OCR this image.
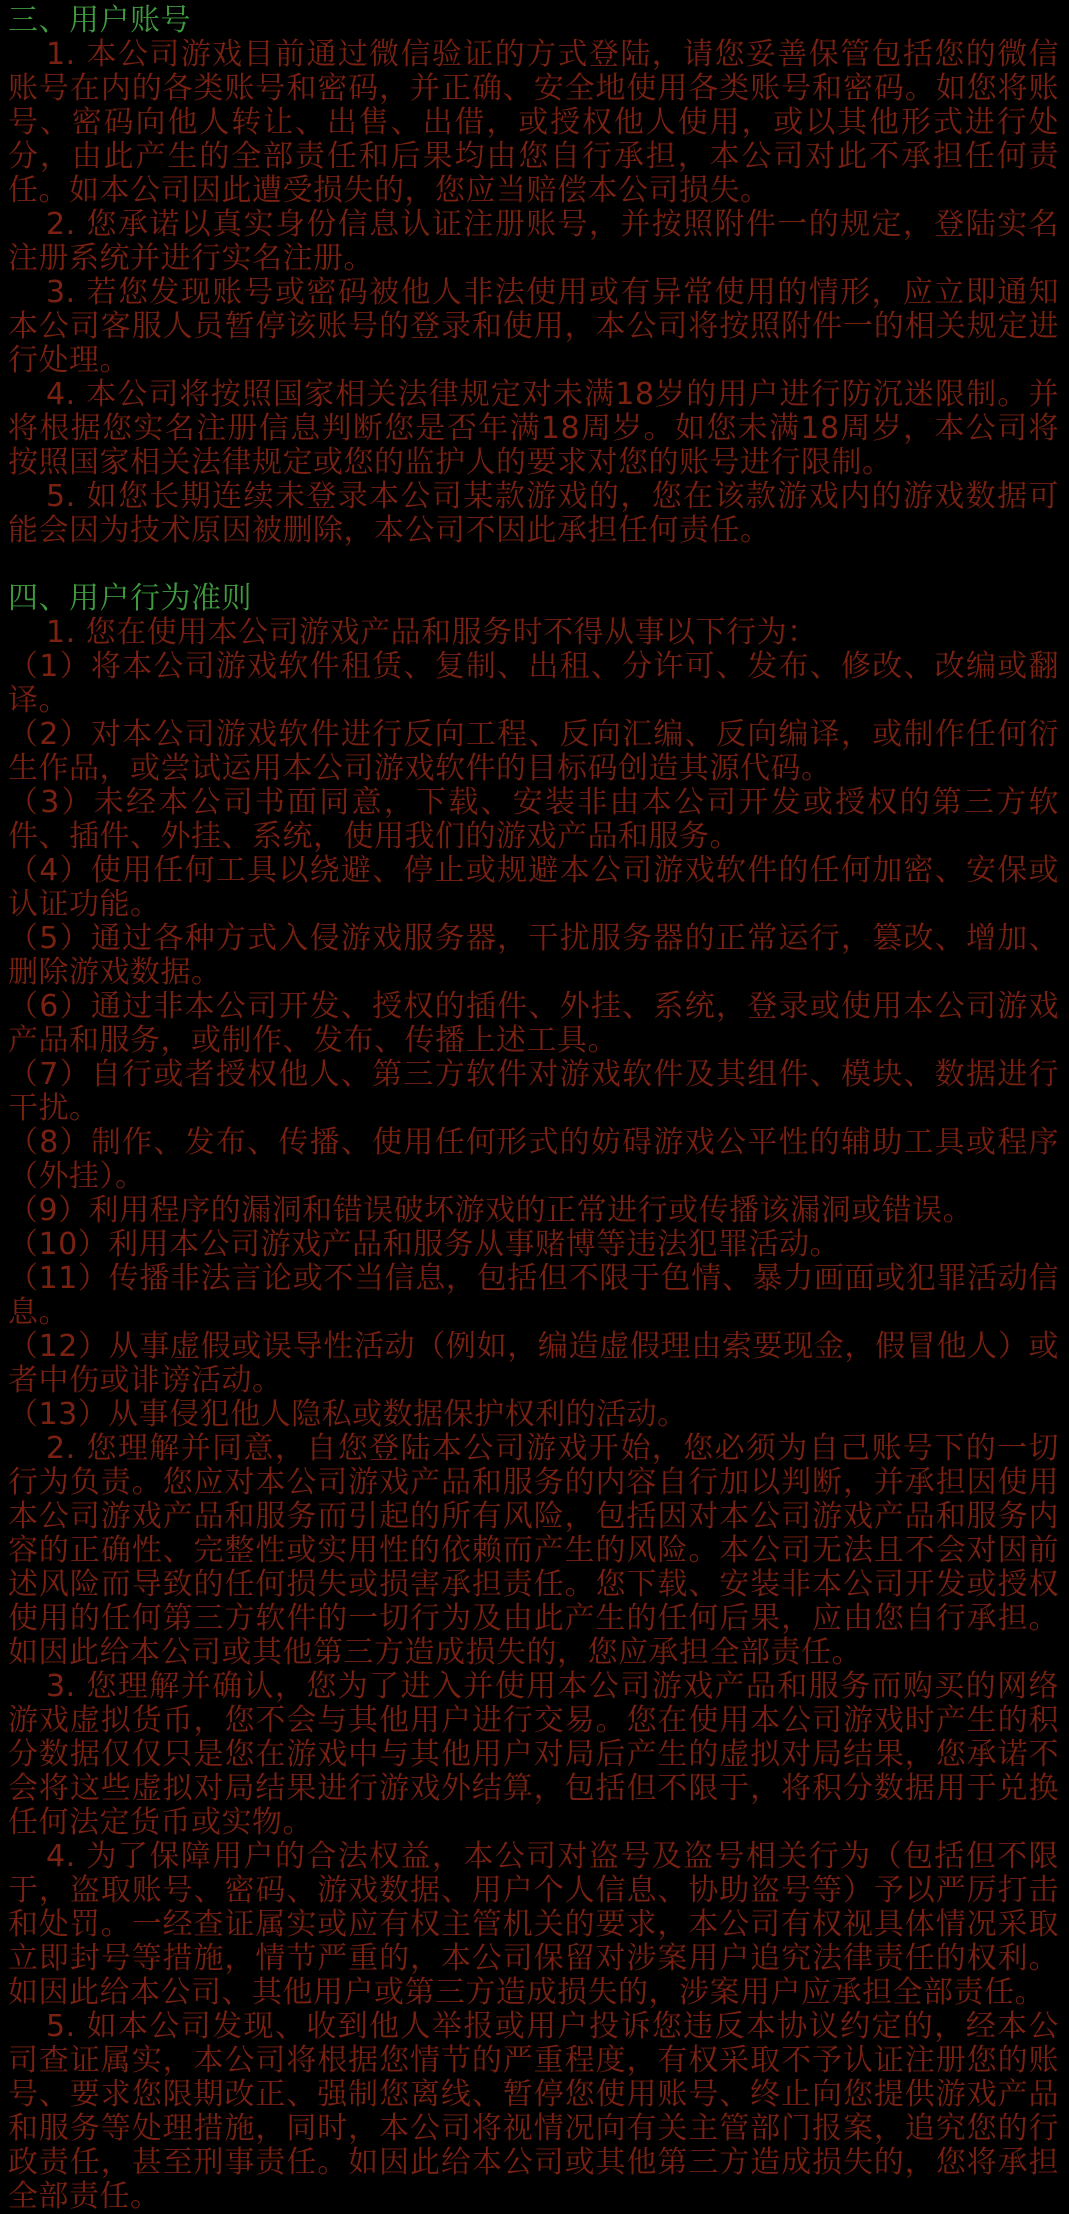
三、用户账号

1. 本公司游戏目前通过微信验证的方式登陆，请您妥善保管包括您的微信账号在内的各类账号和密码，并正确、安全地使用各类账号和密码。如您将账号、密码向他人转让、出售、出借，或授权他人使用，或以其他形式进行处分，由此产生的全部责任和后果均由您自行承担，本公司对此不承担任何责任。如本公司因此遭受损失的，您应当赔偿本公司损失。

2. 您承诺以真实身份信息认证注册账号，并按照附件一的规定，登陆实名注册系统并进行实名注册。

3. 若您发现账号或密码被他人非法使用或有异常使用的情形，应立即通知本公司客服人员暂停该账号的登录和使用，本公司将按照附件一的相关规定进行处理。

4. 本公司将按照国家相关法律规定对未满18岁的用户进行防沉迷限制。并将根据您实名注册信息判断您是否年满18周岁。如您未满18周岁，本公司将按照国家相关法律规定或您的监护人的要求对您的账号进行限制。

5. 如您长期连续未登录本公司某款游戏的，您在该款游戏内的游戏数据可能会因为技术原因被删除，本公司不因此承担任何责任。

四、用户行为准则

1. 您在使用本公司游戏产品和服务时不得从事以下行为：

（1）将本公司游戏软件租赁、复制、出租、分许可、发布、修改、改编或翻译。

（2）对本公司游戏软件进行反向工程、反向汇编、反向编译，或制作任何衍生作品，或尝试运用本公司游戏软件的目标码创造其源代码。

（3）未经本公司书面同意，下载、安装非由本公司开发或授权的第三方软件、插件、外挂、系统，使用我们的游戏产品和服务。

（4）使用任何工具以绕避、停止或规避本公司游戏软件的任何加密、安保或认证功能。

（5）通过各种方式入侵游戏服务器，干扰服务器的正常运行，篡改、增加、删除游戏数据。

（6）通过非本公司开发、授权的插件、外挂、系统，登录或使用本公司游戏产品和服务，或制作、发布、传播上述工具。

（7）自行或者授权他人、第三方软件对游戏软件及其组件、模块、数据进行干扰。

（8）制作、发布、传播、使用任何形式的妨碍游戏公平性的辅助工具或程序（外挂）。

（9）利用程序的漏洞和错误破坏游戏的正常进行或传播该漏洞或错误。

（10）利用本公司游戏产品和服务从事赌博等违法犯罪活动。

（11）传播非法言论或不当信息，包括但不限于色情、暴力画面或犯罪活动信息。

（12）从事虚假或误导性活动（例如，编造虚假理由索要现金，假冒他人）或者中伤或诽谤活动。

（13）从事侵犯他人隐私或数据保护权利的活动。

2. 您理解并同意，自您登陆本公司游戏开始，您必须为自己账号下的一切行为负责。您应对本公司游戏产品和服务的内容自行加以判断，并承担因使用本公司游戏产品和服务而引起的所有风险，包括因对本公司游戏产品和服务内容的正确性、完整性或实用性的依赖而产生的风险。本公司无法且不会对因前述风险而导致的任何损失或损害承担责任。您下载、安装非本公司开发或授权使用的任何第三方软件的一切行为及由此产生的任何后果，应由您自行承担。如因此给本公司或其他第三方造成损失的，您应承担全部责任。

3. 您理解并确认，您为了进入并使用本公司游戏产品和服务而购买的网络游戏虚拟货币，您不会与其他用户进行交易。您在使用本公司游戏时产生的积分数据仅仅只是您在游戏中与其他用户对局后产生的虚拟对局结果，您承诺不会将这些虚拟对局结果进行游戏外结算，包括但不限于，将积分数据用于兑换任何法定货币或实物。

4. 为了保障用户的合法权益，本公司对盗号及盗号相关行为（包括但不限于，盗取账号、密码、游戏数据、用户个人信息、协助盗号等）予以严厉打击和处罚。一经查证属实或应有权主管机关的要求，本公司有权视具体情况采取立即封号等措施，情节严重的，本公司保留对涉案用户追究法律责任的权利。如因此给本公司、其他用户或第三方造成损失的，涉案用户应承担全部责任。

5. 如本公司发现、收到他人举报或用户投诉您违反本协议约定的，经本公司查证属实，本公司将根据您情节的严重程度，有权采取不予认证注册您的账号、要求您限期改正、强制您离线、暂停您使用账号、终止向您提供游戏产品和服务等处理措施，同时，本公司将视情况向有关主管部门报案，追究您的行政责任，甚至刑事责任。如因此给本公司或其他第三方造成损失的，您将承担全部责任。
